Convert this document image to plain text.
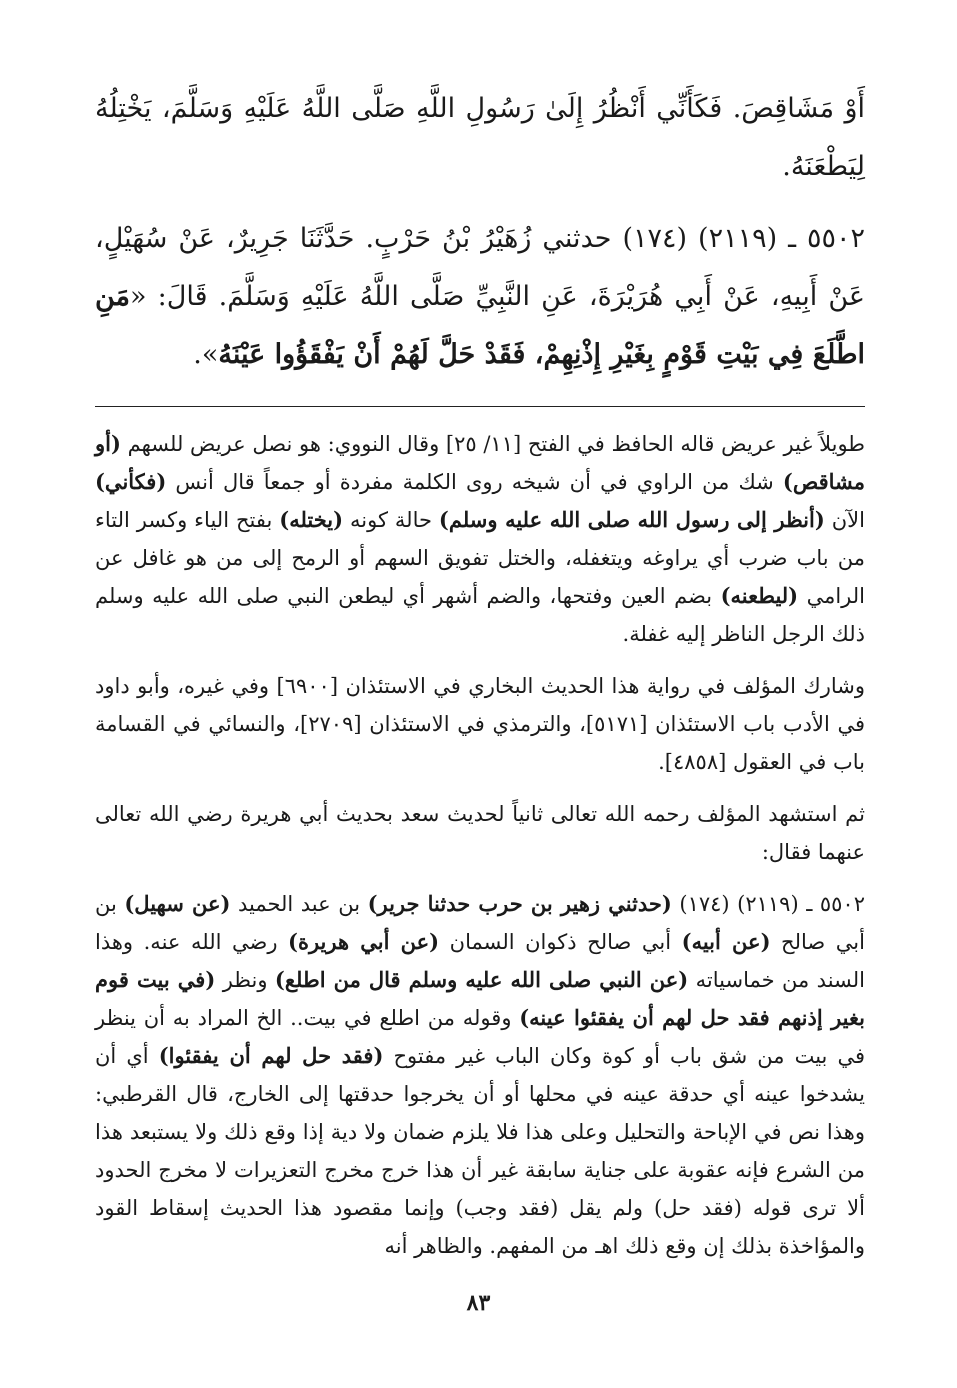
أَوْ مَشَاقِصَ. فَكَأَنِّي أَنْظُرُ إِلَىٰ رَسُولِ اللَّهِ صَلَّى اللَّهُ عَلَيْهِ وَسَلَّمَ، يَخْتِلُهُ لِيَطْعَنَهُ.

٥٥٠٢ ـ (٢١١٩) (١٧٤) حدثني زُهَيْرُ بْنُ حَرْبٍ. حَدَّثَنَا جَرِيرٌ، عَنْ سُهَيْلٍ، عَنْ أَبِيهِ، عَنْ أَبِي هُرَيْرَةَ، عَنِ النَّبِيِّ صَلَّى اللَّهُ عَلَيْهِ وَسَلَّمَ. قَالَ: «مَنِ اطَّلَعَ فِي بَيْتِ قَوْمٍ بِغَيْرِ إِذْنِهِمْ، فَقَدْ حَلَّ لَهُمْ أَنْ يَفْقَؤُوا عَيْنَهُ».

طويلاً غير عريض قاله الحافظ في الفتح [١١/ ٢٥] وقال النووي: هو نصل عريض للسهم (أو مشاقص) شك من الراوي في أن شيخه روى الكلمة مفردة أو جمعاً قال أنس (فكأني) الآن (أنظر إلى رسول الله صلى الله عليه وسلم) حالة كونه (يختله) بفتح الياء وكسر التاء من باب ضرب أي يراوغه ويتغفله، والختل تفويق السهم أو الرمح إلى من هو غافل عن الرامي (ليطعنه) بضم العين وفتحها، والضم أشهر أي ليطعن النبي صلى الله عليه وسلم ذلك الرجل الناظر إليه غفلة.

وشارك المؤلف في رواية هذا الحديث البخاري في الاستئذان [٦٩٠٠] وفي غيره، وأبو داود في الأدب باب الاستئذان [٥١٧١]، والترمذي في الاستئذان [٢٧٠٩]، والنسائي في القسامة باب في العقول [٤٨٥٨].

ثم استشهد المؤلف رحمه الله تعالى ثانياً لحديث سعد بحديث أبي هريرة رضي الله تعالى عنهما فقال:

٥٥٠٢ ـ (٢١١٩) (١٧٤) (حدثني زهير بن حرب حدثنا جرير) بن عبد الحميد (عن سهيل) بن أبي صالح (عن أبيه) أبي صالح ذكوان السمان (عن أبي هريرة) رضي الله عنه. وهذا السند من خماسياته (عن النبي صلى الله عليه وسلم قال من اطلع) ونظر (في بيت قوم بغير إذنهم فقد حل لهم أن يفقئوا عينه) وقوله من اطلع في بيت.. الخ المراد به أن ينظر في بيت من شق باب أو كوة وكان الباب غير مفتوح (فقد حل لهم أن يفقئوا) أي أن يشدخوا عينه أي حدقة عينه في محلها أو أن يخرجوا حدقتها إلى الخارج، قال القرطبي: وهذا نص في الإباحة والتحليل وعلى هذا فلا يلزم ضمان ولا دية إذا وقع ذلك ولا يستبعد هذا من الشرع فإنه عقوبة على جناية سابقة غير أن هذا خرج مخرج التعزيرات لا مخرج الحدود ألا ترى قوله (فقد حل) ولم يقل (فقد وجب) وإنما مقصود هذا الحديث إسقاط القود والمؤاخذة بذلك إن وقع ذلك اهـ من المفهم. والظاهر أنه

٨٣
